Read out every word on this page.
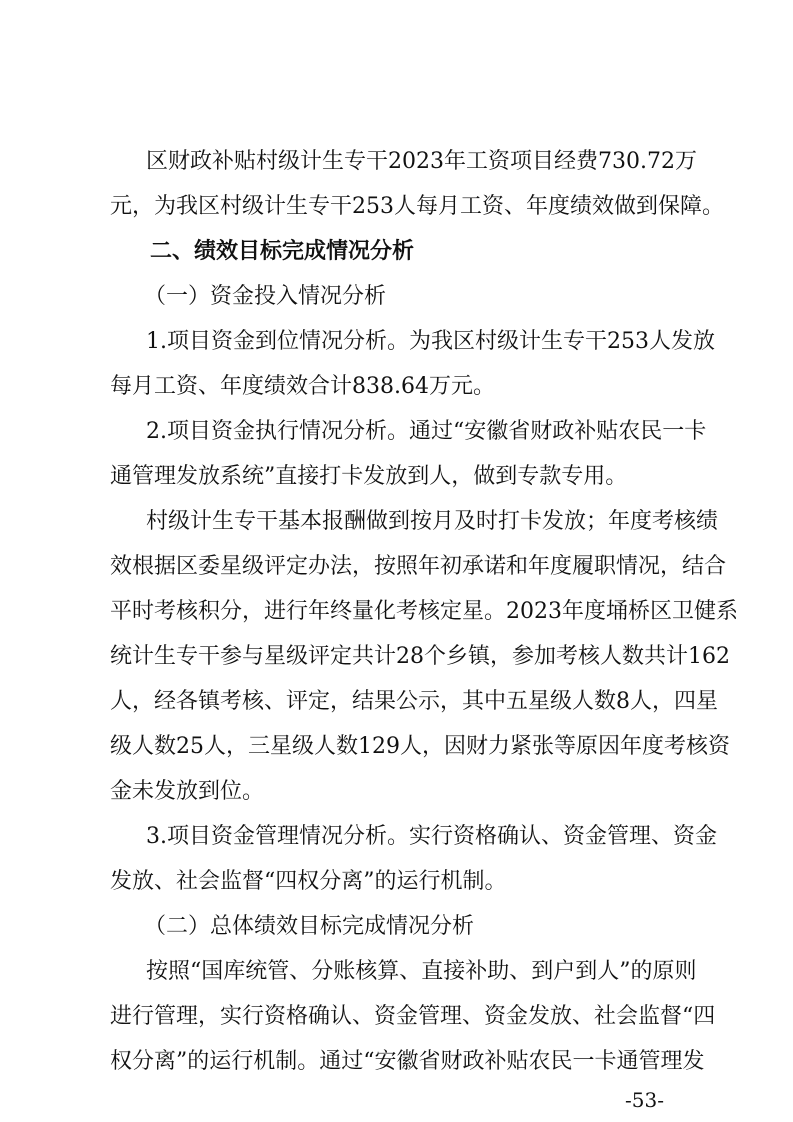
区财政补贴村级计生专干2023年工资项目经费730.72万
元，为我区村级计生专干253人每月工资、年度绩效做到保障。
二、绩效目标完成情况分析
（一）资金投入情况分析
1.项目资金到位情况分析。为我区村级计生专干253人发放
每月工资、年度绩效合计838.64万元。
2.项目资金执行情况分析。通过“安徽省财政补贴农民一卡
通管理发放系统”直接打卡发放到人，做到专款专用。
村级计生专干基本报酬做到按月及时打卡发放；年度考核绩
效根据区委星级评定办法，按照年初承诺和年度履职情况，结合
平时考核积分，进行年终量化考核定星。2023年度埇桥区卫健系
统计生专干参与星级评定共计28个乡镇，参加考核人数共计162
人，经各镇考核、评定，结果公示，其中五星级人数8人，四星
级人数25人，三星级人数129人，因财力紧张等原因年度考核资
金未发放到位。
3.项目资金管理情况分析。实行资格确认、资金管理、资金
发放、社会监督“四权分离”的运行机制。
（二）总体绩效目标完成情况分析
按照“国库统管、分账核算、直接补助、到户到人”的原则
进行管理，实行资格确认、资金管理、资金发放、社会监督“四
权分离”的运行机制。通过“安徽省财政补贴农民一卡通管理发
-53-
